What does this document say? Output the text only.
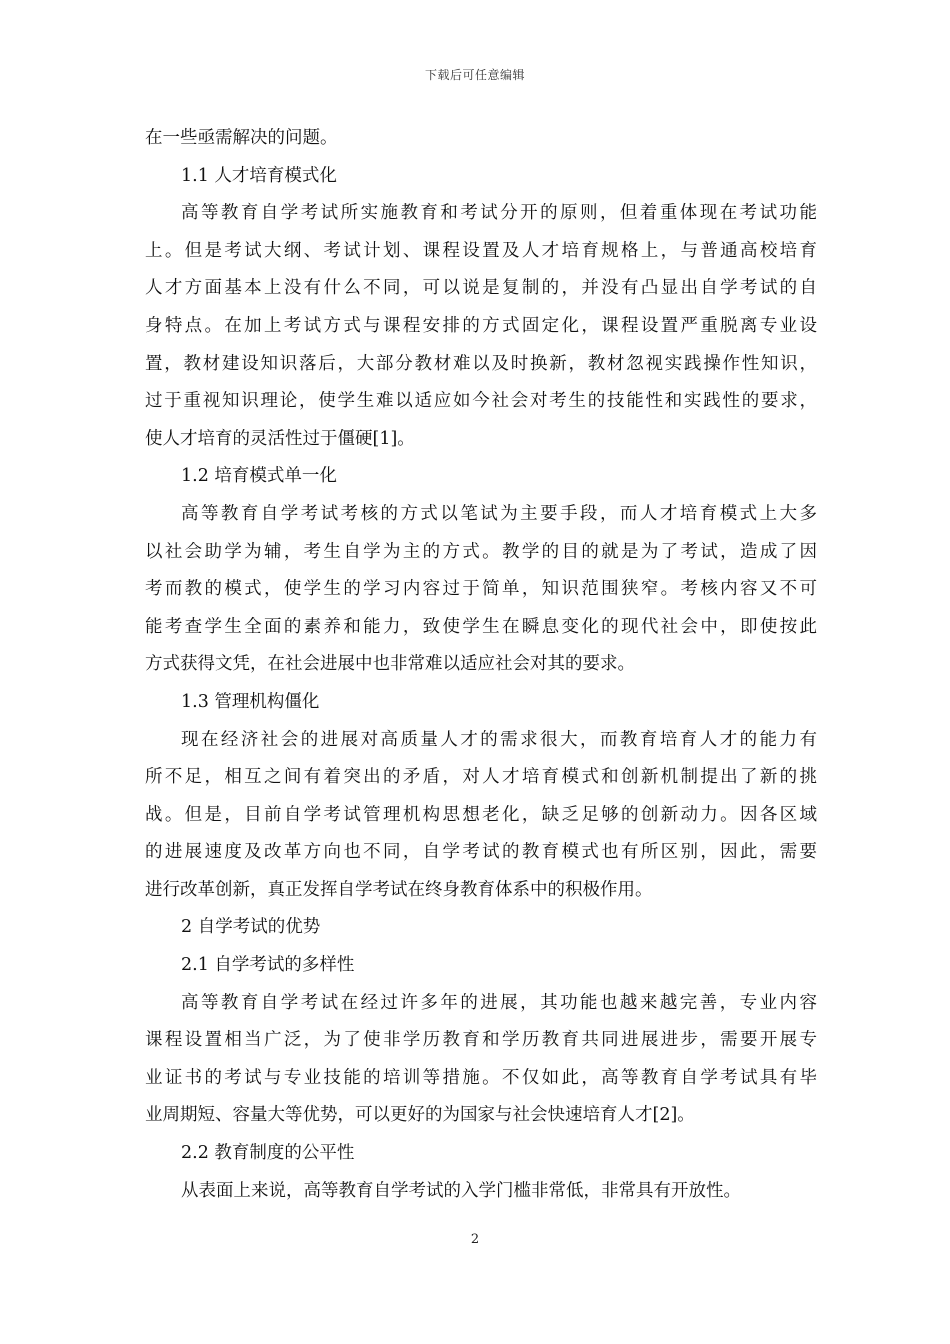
下载后可任意编辑
在一些亟需解决的问题。
1.1 人才培育模式化
高等教育自学考试所实施教育和考试分开的原则，但着重体现在考试功能
上。但是考试大纲、考试计划、课程设置及人才培育规格上，与普通高校培育
人才方面基本上没有什么不同，可以说是复制的，并没有凸显出自学考试的自
身特点。在加上考试方式与课程安排的方式固定化，课程设置严重脱离专业设
置，教材建设知识落后，大部分教材难以及时换新，教材忽视实践操作性知识，
过于重视知识理论，使学生难以适应如今社会对考生的技能性和实践性的要求，
使人才培育的灵活性过于僵硬[1]。
1.2 培育模式单一化
高等教育自学考试考核的方式以笔试为主要手段，而人才培育模式上大多
以社会助学为辅，考生自学为主的方式。教学的目的就是为了考试，造成了因
考而教的模式，使学生的学习内容过于简单，知识范围狭窄。考核内容又不可
能考查学生全面的素养和能力，致使学生在瞬息变化的现代社会中，即使按此
方式获得文凭，在社会进展中也非常难以适应社会对其的要求。
1.3 管理机构僵化
现在经济社会的进展对高质量人才的需求很大，而教育培育人才的能力有
所不足，相互之间有着突出的矛盾，对人才培育模式和创新机制提出了新的挑
战。但是，目前自学考试管理机构思想老化，缺乏足够的创新动力。因各区域
的进展速度及改革方向也不同，自学考试的教育模式也有所区别，因此，需要
进行改革创新，真正发挥自学考试在终身教育体系中的积极作用。
2 自学考试的优势
2.1 自学考试的多样性
高等教育自学考试在经过许多年的进展，其功能也越来越完善，专业内容
课程设置相当广泛，为了使非学历教育和学历教育共同进展进步，需要开展专
业证书的考试与专业技能的培训等措施。不仅如此，高等教育自学考试具有毕
业周期短、容量大等优势，可以更好的为国家与社会快速培育人才[2]。
2.2 教育制度的公平性
从表面上来说，高等教育自学考试的入学门槛非常低，非常具有开放性。
2
